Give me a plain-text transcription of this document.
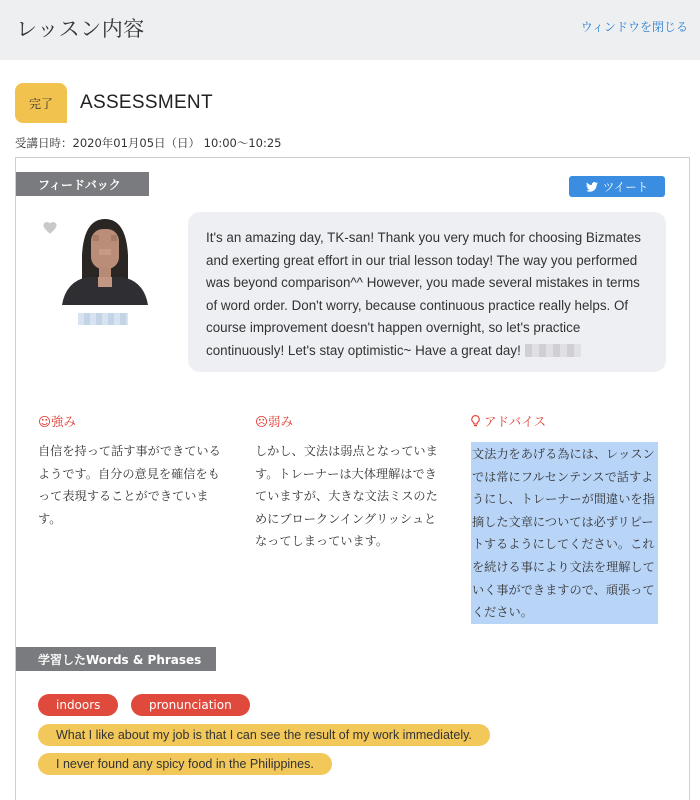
レッスン内容	ウィンドウを閉じる
完了	ASSESSMENT
受講日時：2020年01月05日（日） 10:00〜10:25
フィードバック
学習したWords & Phrases
ツイート
It's an amazing day, TK-san! Thank you very much for choosing Bizmates and exerting great effort in our trial lesson today! The way you performed was beyond comparison^^ However, you made several mistakes in terms of word order. Don't worry, because continuous practice really helps. Of course improvement doesn't happen overnight, so let's practice continuously! Let's stay optimistic~ Have a great day!
☺強み
自信を持って話す事ができているようです。自分の意見を確信をもって表現することができています。
☹弱み
しかし、文法は弱点となっています。トレーナーは大体理解はできていますが、大きな文法ミスのためにブロークンイングリッシュとなってしまっています。
アドバイス
文法力をあげる為には、レッスンでは常にフルセンテンスで話すようにし、トレーナーが間違いを指摘した文章については必ずリピートするようにしてください。これを続ける事により文法を理解していく事ができますので、頑張ってください。
indoors	pronunciation
What I like about my job is that I can see the result of my work immediately.
I never found any spicy food in the Philippines.
